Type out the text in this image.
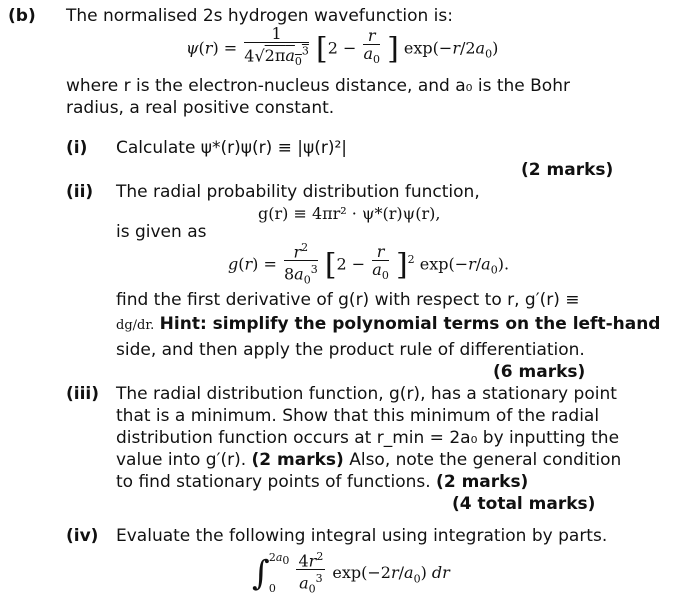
(b) The normalised 2s hydrogen wavefunction is:
$\psi(r) = \frac{1}{4√2\pi a_0^3} [2 - \frac{r}{a_0}$ ] $\exp(-r/2a_0)$
where r is the electron-nucleus distance, and a₀ is the Bohr
radius, a real positive constant.
(i) Calculate ψ*(r)ψ(r) ≡ |ψ(r)²|
(2 marks)
(ii) The radial probability distribution function,
g(r) ≡ 4πr² · ψ*(r)ψ(r),
is given as
$g(r) = \frac{r^2}{8a_0^3} [2 - \frac{r}{a_0} ]^2$ $\exp(-r/a_0)$.
find the first derivative of g(r) with respect to r, g′(r) ≡
dg/dr. Hint: simplify the polynomial terms on the left-hand
side, and then apply the product rule of differentiation.
(6 marks)
(iii) The radial distribution function, g(r), has a stationary point
that is a minimum. Show that this minimum of the radial
distribution function occurs at r_min = 2a₀ by inputting the
value into g′(r). (2 marks) Also, note the general condition
to find stationary points of functions. (2 marks)
(4 total marks)
(iv) Evaluate the following integral using integration by parts.
∫ $2a_0$
0
	$\frac{4r^2}{a_0^3} \exp(-2r/a_0)$ dr
